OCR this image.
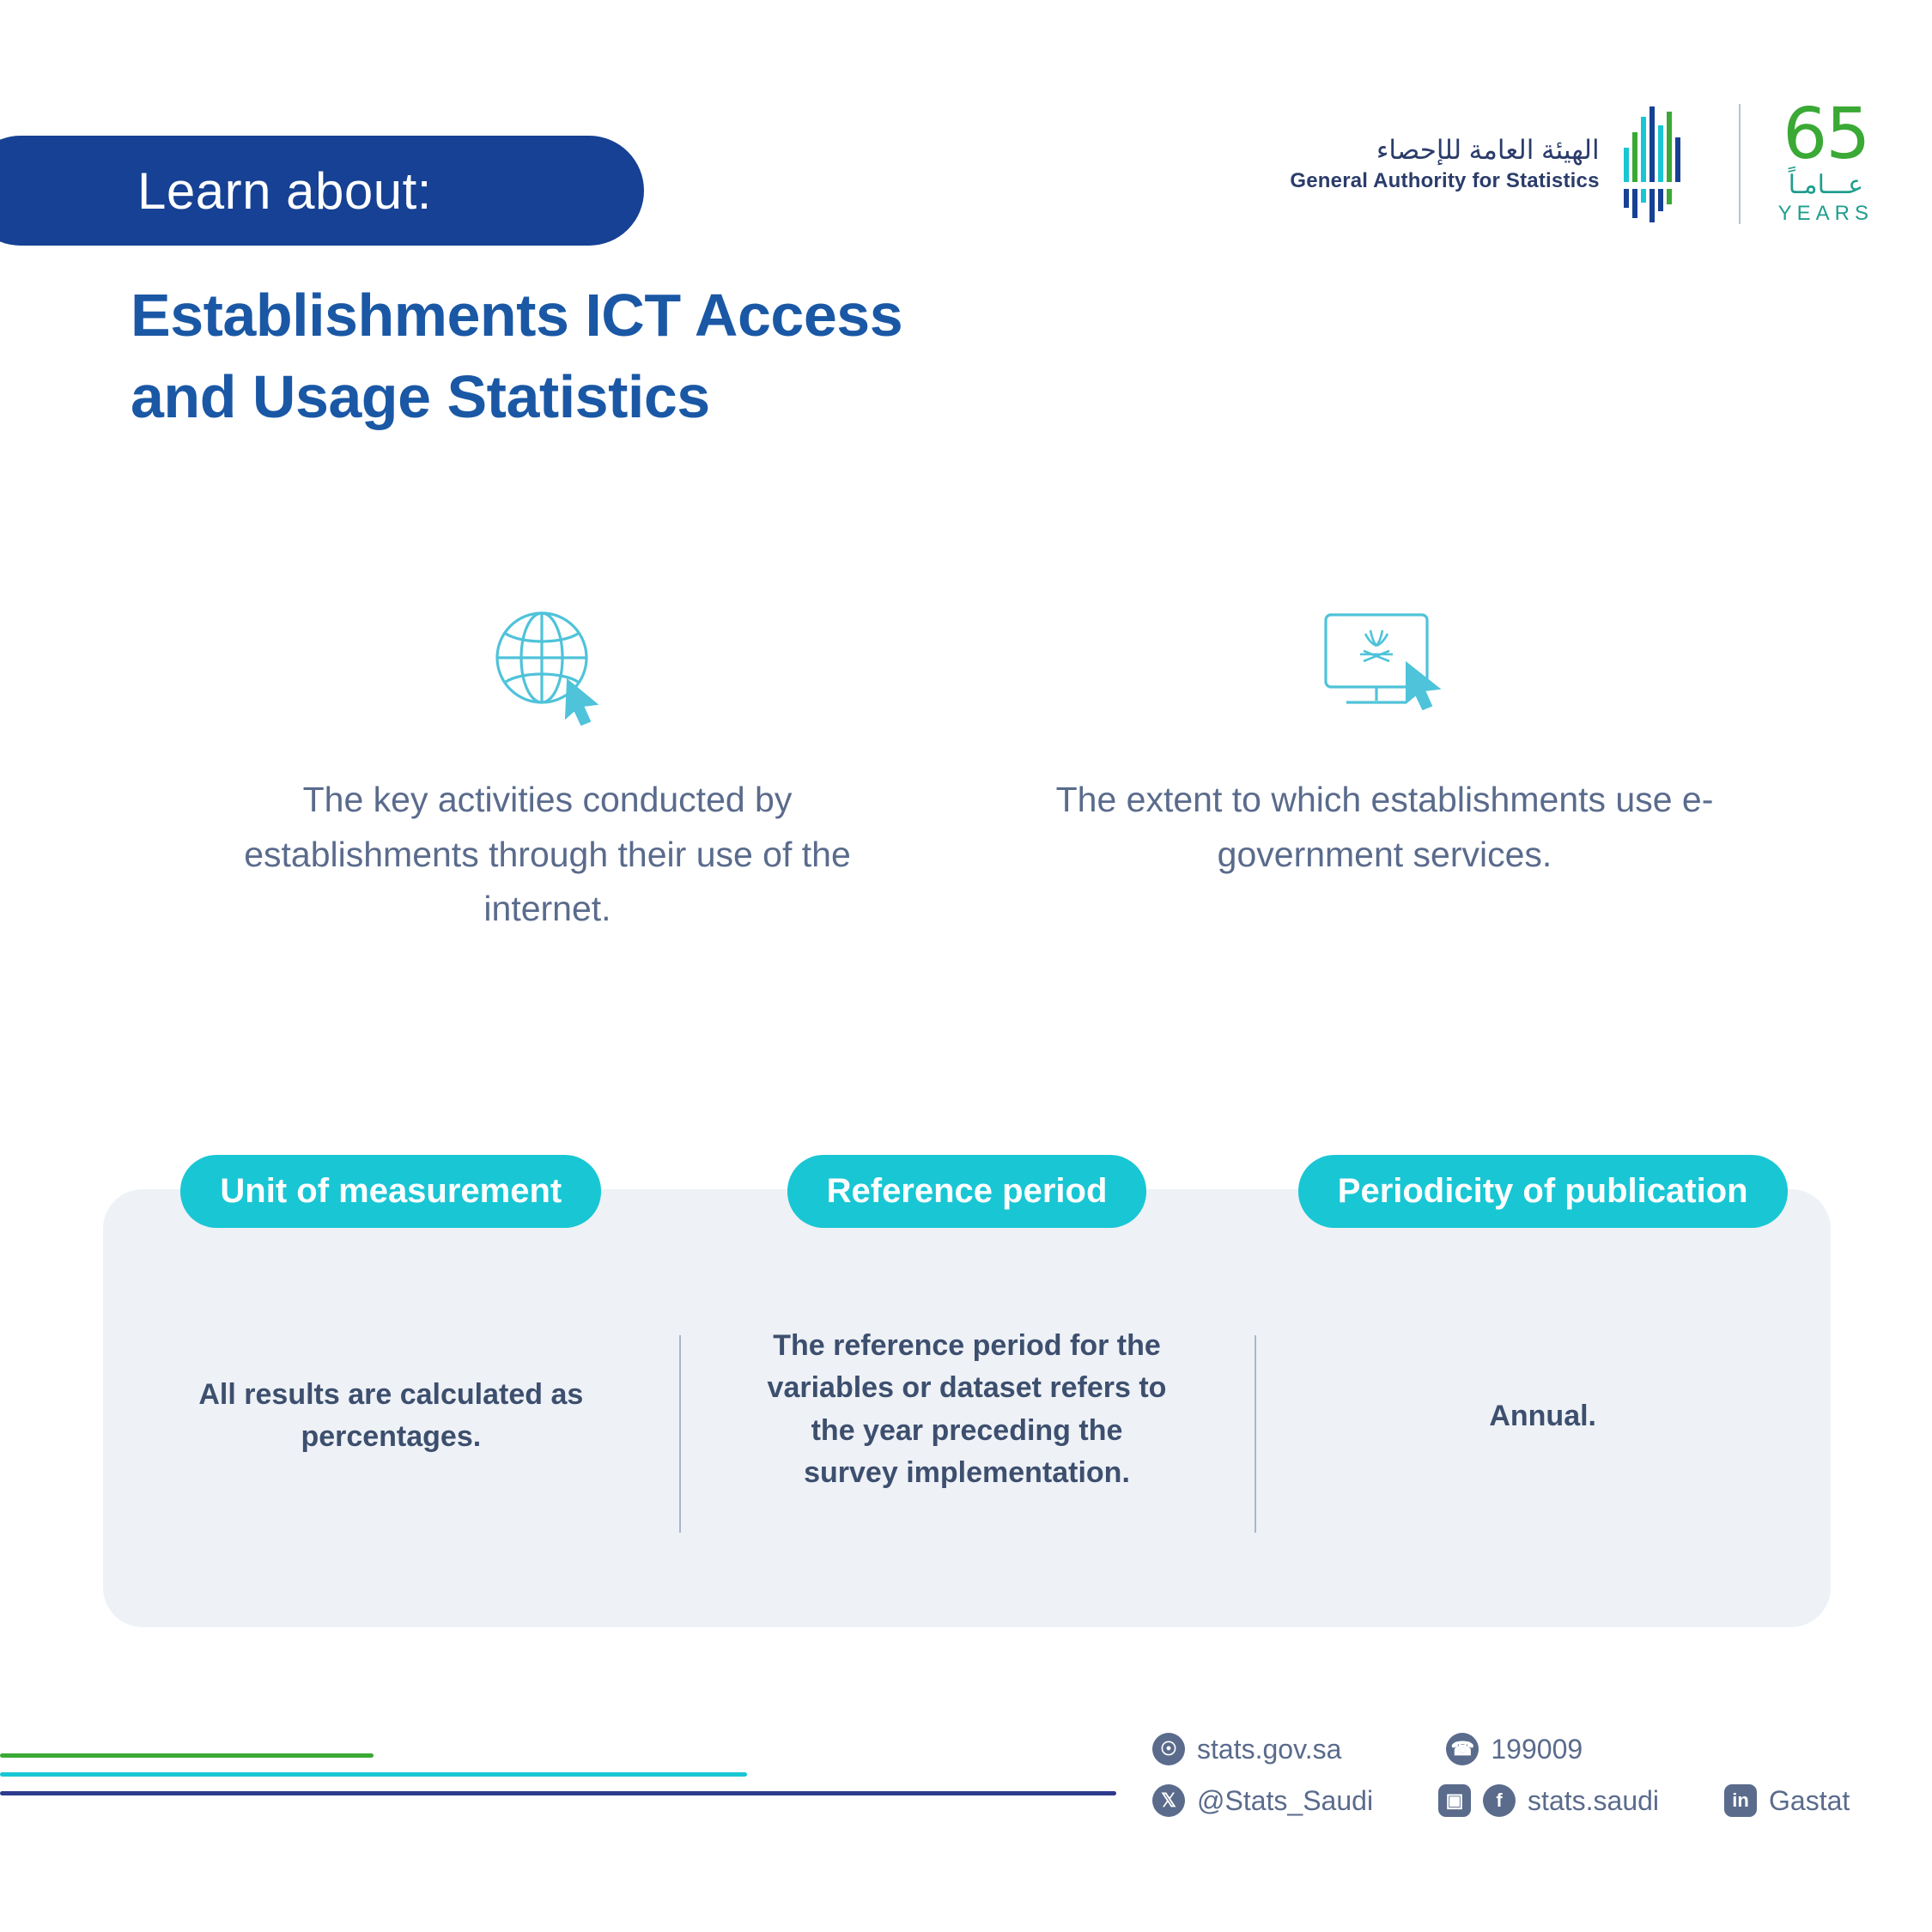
Learn about:
Establishments ICT Access
and Usage Statistics
الهيئة العامة للإحصاء
General Authority for Statistics
65
عـــامـاً
YEARS
The key activities conducted by establishments through their use of the internet.
The extent to which establishments use e-government services.
Unit of measurement
All results are calculated as percentages.
Reference period
The reference period for the variables or dataset refers to the year preceding the survey implementation.
Periodicity of publication
Annual.
☉ stats.gov.sa	☎ 199009
𝕏 @Stats_Saudi	▣	f stats.saudi	in Gastat
